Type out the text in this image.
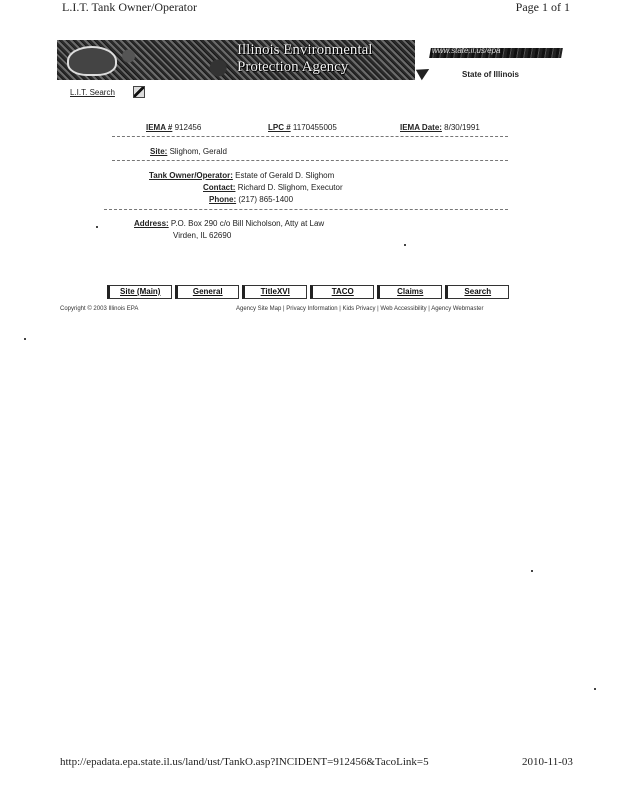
L.I.T. Tank Owner/Operator	Page 1 of 1
Illinois Environmental
Protection Agency
www.state.il.us/epa
State of Illinois
L.I.T. Search
IEMA # 912456	LPC # 1170455005	IEMA Date: 8/30/1991
Site: Slighom, Gerald
Tank Owner/Operator: Estate of Gerald D. Slighom
Contact: Richard D. Slighom, Executor
Phone: (217) 865-1400
Address: P.O. Box 290 c/o Bill Nicholson, Atty at Law
Virden, IL 62690
Site (Main)	General	TitleXVI	TACO	Claims	Search
Copyright © 2003 Illinois EPA	Agency Site Map | Privacy Information | Kids Privacy | Web Accessibility | Agency Webmaster
http://epadata.epa.state.il.us/land/ust/TankO.asp?INCIDENT=912456&TacoLink=5	2010-11-03
